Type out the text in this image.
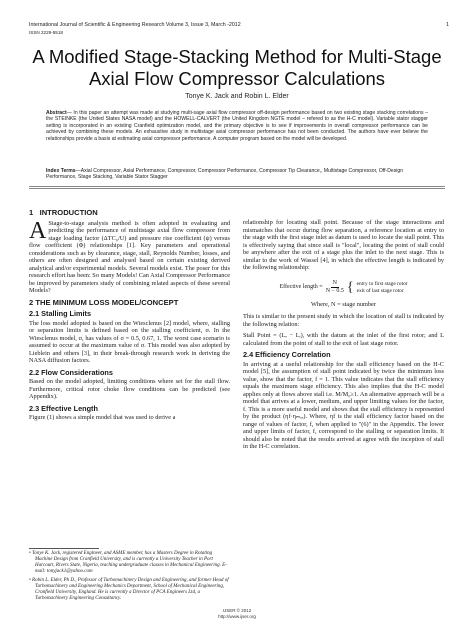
International Journal of Scientific & Engineering Research Volume 3, Issue 3, March -2012	1
ISSN 2229-5518
A Modified Stage-Stacking Method for Multi-Stage Axial Flow Compressor Calculations
Tonye K. Jack and Robin L. Elder
Abstract— In this paper an attempt was made at studying multi-sage axial flow compressor off-design performance based on two existing stage stacking correlations – the STEINKE (the United States NASA model) and the HOWELL-CALVERT (the United Kingdom NGTE model – refered to as the H-C model). Variable stator stagger setting is incorporated in an existing Cranfield optimization model, and the primary objective is to see if improvements in overall compressor performance can be achieved by combining these models. An exhaustive study in multistage axial compressor performance has not been conducted. The authors have ever believe the relationships provide a basis at estimating axial compressor performance. A computer program based on the model will be developed.
Index Terms—Axial Compressor, Axial Performance, Compressor, Compressor Performance, Compressor Tip Clearance,, Multistage Compressor, Off-Design Performance, Stage Stacking, Variable Stator Stagger
1 INTRODUCTION

A Stage-to-stage analysis method is often adopted in evaluating and predicting the performance of multistage axial flow compressor from stage loading factor (ΔTC₀/U) and pressure rise coefficient (ψ) versus flow coefficient (Φ) relationships [1]. Key parameters and operational considerations such as by clearance, stage, stall, Reynolds Number, losses, and others are often designed and analysed based on certain existing derived analytical and/or experimental models. Several models exist. The poser for this research effort has been: So many Models! Can Axial Compressor Performance be improved by parameters study of combining related aspects of these several Models?

2 THE MINIMUM LOSS MODEL/CONCEPT
2.1 Stalling Limits

The loss model adopted is based on the Wiesclenus [2] model, where, stalling or separation limits is defined based on the stalling coefficient, σ. In the Wiesclenus model, σ, has values of σ = 0.5, 0.67, 1. The worst case scenario is assumed to occur at the maximum value of σ. This model was also adopted by Lieblein and others [3], in their break-through research work in deriving the NASA diffusion factors.

2.2 Flow Considerations

Based on the model adopted, limiting conditions where set for the stall flow. Furthermore, critical rotor choke flow conditions can be predicted (see Appendix).

2.3 Effective Length

Figure (1) shows a simple model that was used to derive a

relationship for locating stall point. Because of the stage interactions and mismatches that occur during flow separation, a reference location at entry to the stage with the first stage inlet as datum is used to locate the stall point. This is effectively saying that since stall is "local", locating the point of stall could be anywhere after the exit of a stage plus the inlet to the next stage. This is similar to the work of Wassel [4], in which the effective length is indicated by the following relationship:

Effective length = $\frac{N}{N - 0.5}$ { entry to first stage rotor
exit of last stage rotor

Where, N = stage number

This is similar to the present study in which the location of stall is indicated by the following relation:

Stall Point = (Lₑ − Lᵢ), with the datum at the inlet of the first rotor; and L calculated from the point of stall to the exit of last stage rotor.

2.4 Efficiency Correlation

In arriving at a useful relationship for the stall efficiency based on the H-C model [5], the assumption of stall point indicated by twice the minimum loss value, show that the factor, f = 1. This value indicates that the stall efficiency equals the maximum stage efficiency. This also implies that the H-C model applies only at flows above stall i.e. M/M₀≥1. An alternative approach will be a model that arrives at a lower, medium, and upper limiting values for the factor, f. This is a more useful model and shows that the stall efficiency is represented by the product (ηf·ηₘₐₓ). Where, ηf is the stall efficiency factor based on the range of values of factor, f, when applied to "(6)" in the Appendix. The lower and upper limits of factor, f, correspond to the stalling or separation limits. It should also be noted that the results arrived at agree with the inception of stall in the H-C correlation.

• Tonye K. Jack, registered Engineer, and ASME member, has a Masters Degree in Rotating Machine Design from Cranfield University, and is currently a University Teacher in Port Harcourt, Rivers State, Nigeria, teaching undergraduate classes in Mechanical Engineering. E-mail: tonyjack1@yahoo.com
• Robin L. Elder, Ph D., Professor of Turbomachinery Design and Engineering, and former Head of Turbomachinery and Engineering Mechanics Department, School of Mechanical Engineering, Cranfield University, England. He is currently a Director of PCA Engineers Ltd, a Turbomachinery Engineering Consultancy.
IJSER © 2012
http://www.ijser.org
